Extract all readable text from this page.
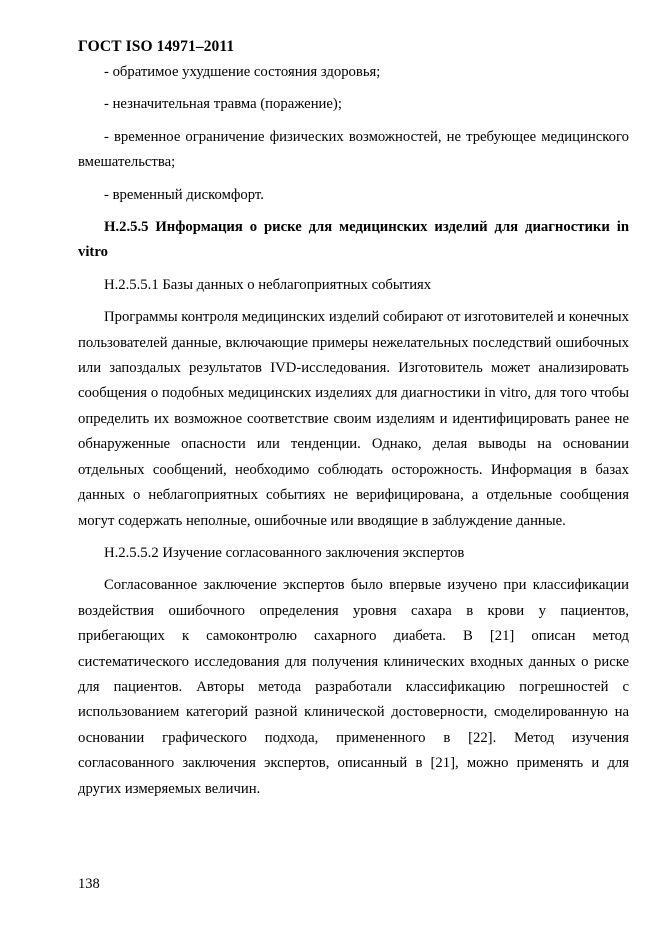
ГОСТ ISO 14971–2011

- обратимое ухудшение состояния здоровья;

- незначительная травма (поражение);

- временное ограничение физических возможностей, не требующее медицинского вмешательства;

- временный дискомфорт.

H.2.5.5 Информация о риске для медицинских изделий для диагностики in vitro

H.2.5.5.1 Базы данных о неблагоприятных событиях

Программы контроля медицинских изделий собирают от изготовителей и конечных пользователей данные, включающие примеры нежелательных последствий ошибочных или запоздалых результатов IVD-исследования. Изготовитель может анализировать сообщения о подобных медицинских изделиях для диагностики in vitro, для того чтобы определить их возможное соответствие своим изделиям и идентифицировать ранее не обнаруженные опасности или тенденции. Однако, делая выводы на основании отдельных сообщений, необходимо соблюдать осторожность. Информация в базах данных о неблагоприятных событиях не верифицирована, а отдельные сообщения могут содержать неполные, ошибочные или вводящие в заблуждение данные.

H.2.5.5.2 Изучение согласованного заключения экспертов

Согласованное заключение экспертов было впервые изучено при классификации воздействия ошибочного определения уровня сахара в крови у пациентов, прибегающих к самоконтролю сахарного диабета. В [21] описан метод систематического исследования для получения клинических входных данных о риске для пациентов. Авторы метода разработали классификацию погрешностей с использованием категорий разной клинической достоверности, смоделированную на основании графического подхода, примененного в [22]. Метод изучения согласованного заключения экспертов, описанный в [21], можно применять и для других измеряемых величин.

138
